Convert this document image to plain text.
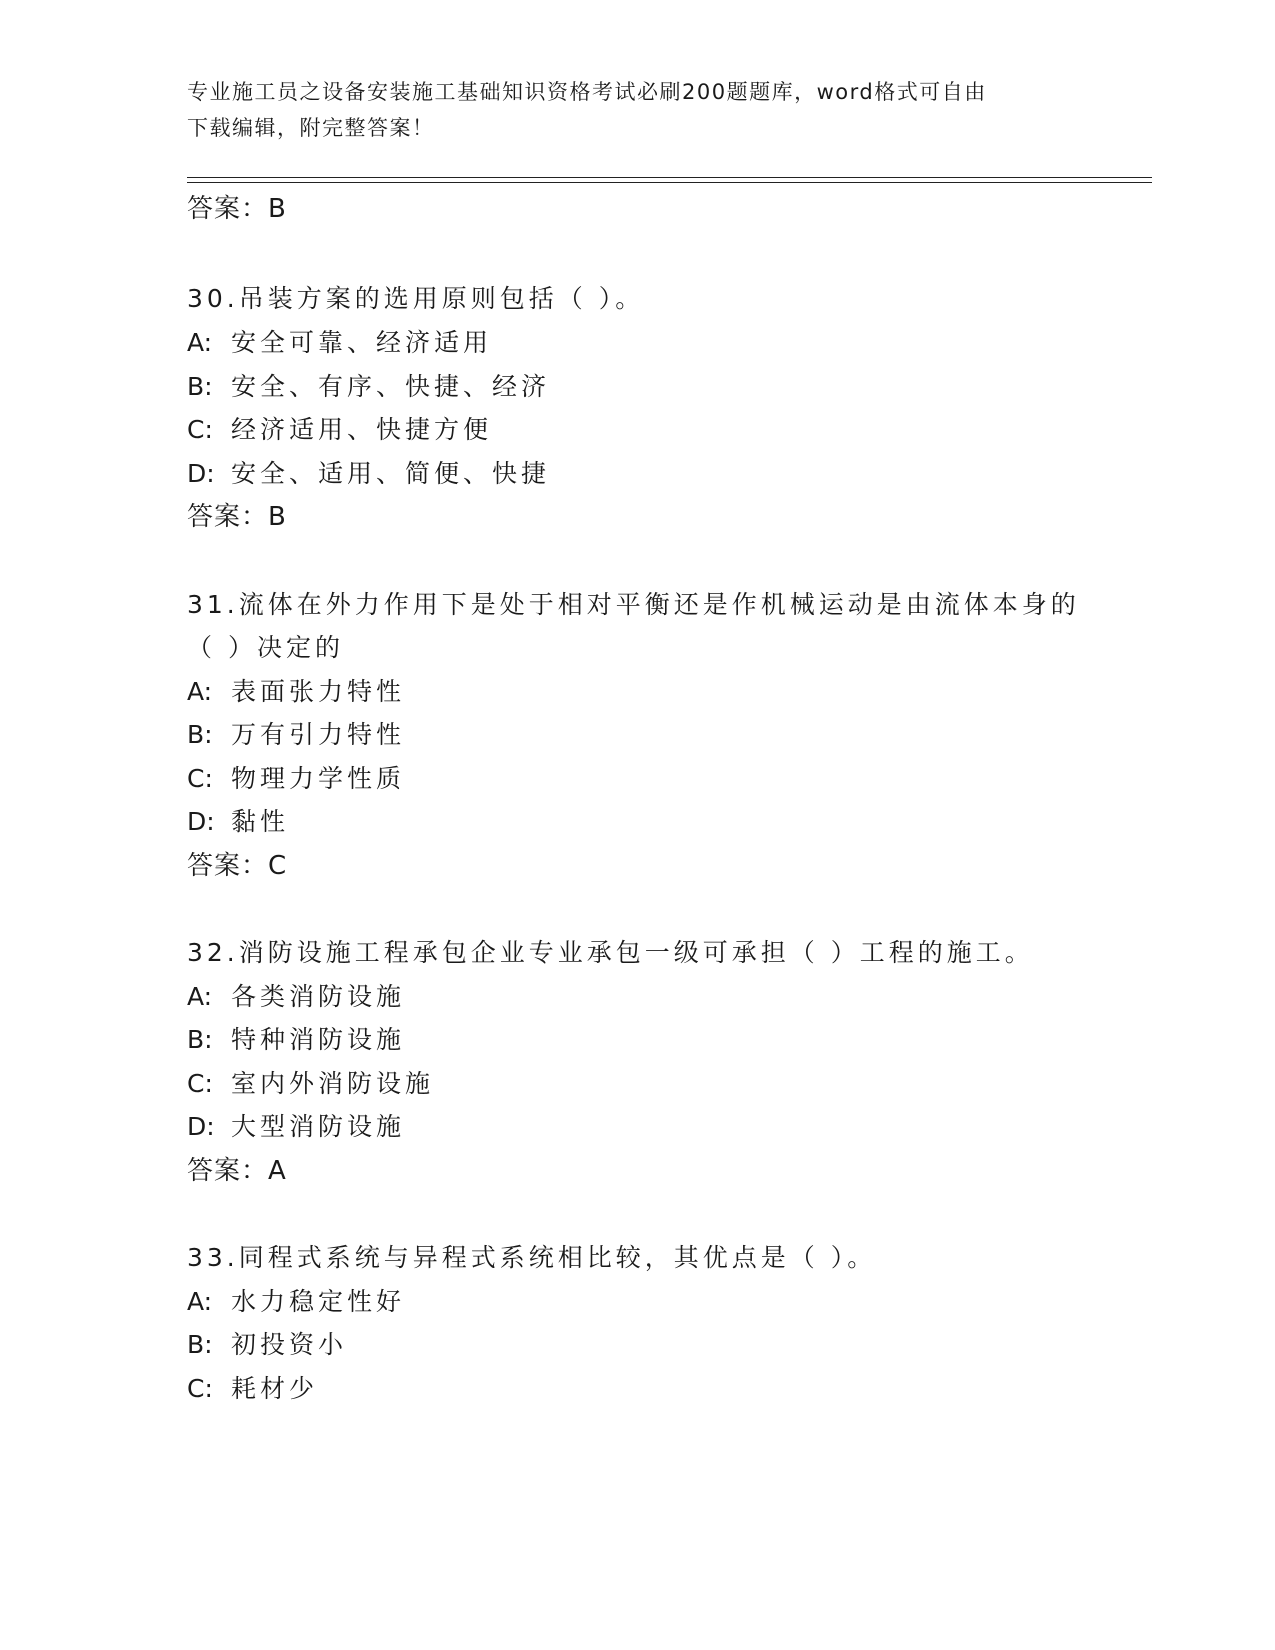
专业施工员之设备安装施工基础知识资格考试必刷200题题库，word格式可自由
下载编辑，附完整答案！
答案：B
30.吊装方案的选用原则包括（ ）。
A: 安全可靠、经济适用
B: 安全、有序、快捷、经济
C: 经济适用、快捷方便
D: 安全、适用、简便、快捷
答案：B
31.流体在外力作用下是处于相对平衡还是作机械运动是由流体本身的
（ ）决定的
A: 表面张力特性
B: 万有引力特性
C: 物理力学性质
D: 黏性
答案：C
32.消防设施工程承包企业专业承包一级可承担（ ）工程的施工。
A: 各类消防设施
B: 特种消防设施
C: 室内外消防设施
D: 大型消防设施
答案：A
33.同程式系统与异程式系统相比较，其优点是（ ）。
A: 水力稳定性好
B: 初投资小
C: 耗材少
